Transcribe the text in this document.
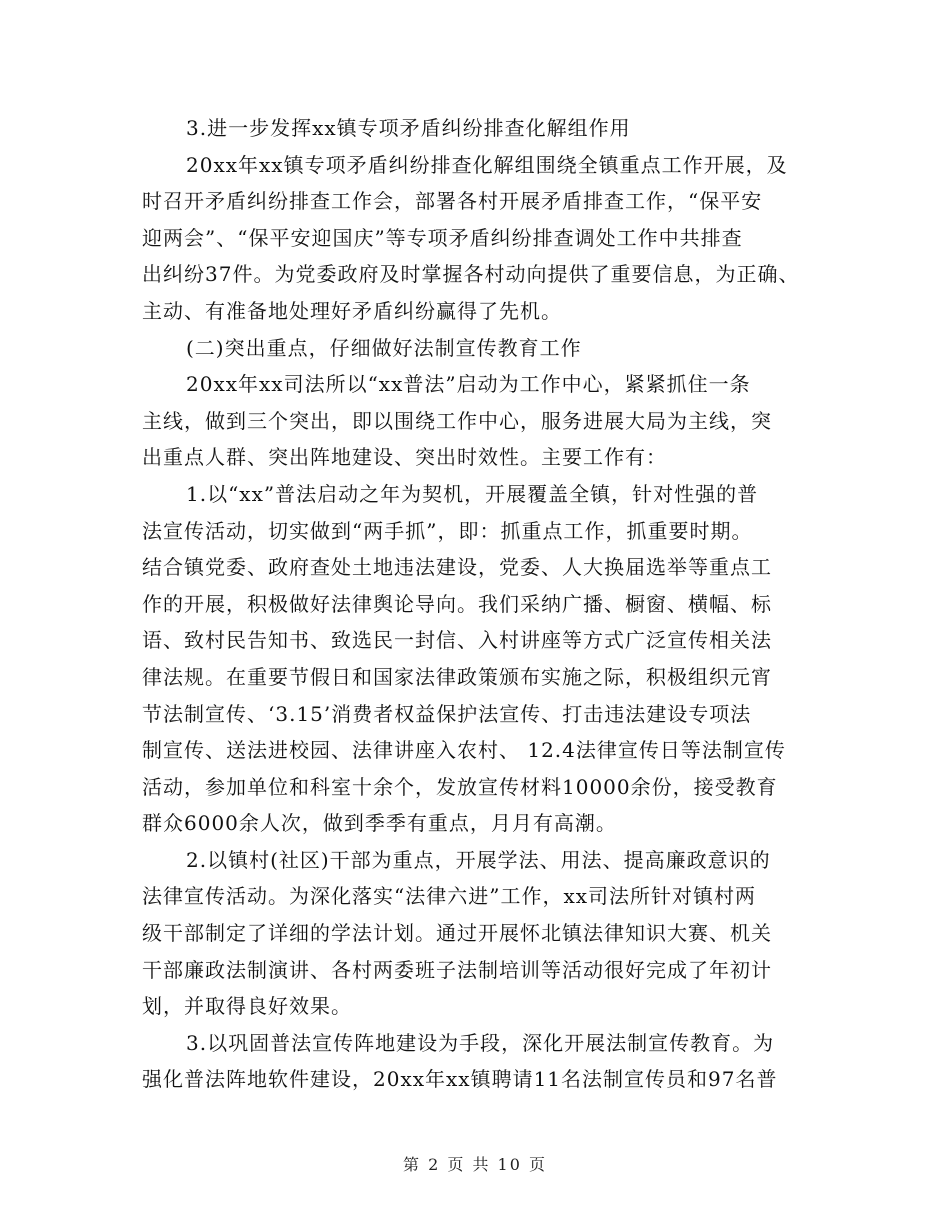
3.进一步发挥xx镇专项矛盾纠纷排查化解组作用
20xx年xx镇专项矛盾纠纷排查化解组围绕全镇重点工作开展，及
时召开矛盾纠纷排查工作会，部署各村开展矛盾排查工作，“保平安
迎两会”、“保平安迎国庆”等专项矛盾纠纷排查调处工作中共排查
出纠纷37件。为党委政府及时掌握各村动向提供了重要信息，为正确、
主动、有准备地处理好矛盾纠纷赢得了先机。
(二)突出重点，仔细做好法制宣传教育工作
20xx年xx司法所以“xx普法”启动为工作中心，紧紧抓住一条
主线，做到三个突出，即以围绕工作中心，服务进展大局为主线，突
出重点人群、突出阵地建设、突出时效性。主要工作有：
1.以“xx”普法启动之年为契机，开展覆盖全镇，针对性强的普
法宣传活动，切实做到“两手抓”，即：抓重点工作，抓重要时期。
结合镇党委、政府查处土地违法建设，党委、人大换届选举等重点工
作的开展，积极做好法律舆论导向。我们采纳广播、橱窗、横幅、标
语、致村民告知书、致选民一封信、入村讲座等方式广泛宣传相关法
律法规。在重要节假日和国家法律政策颁布实施之际，积极组织元宵
节法制宣传、‘3.15’消费者权益保护法宣传、打击违法建设专项法
制宣传、送法进校园、法律讲座入农村、 12.4法律宣传日等法制宣传
活动，参加单位和科室十余个，发放宣传材料10000余份，接受教育
群众6000余人次，做到季季有重点，月月有高潮。
2.以镇村(社区)干部为重点，开展学法、用法、提高廉政意识的
法律宣传活动。为深化落实“法律六进”工作，xx司法所针对镇村两
级干部制定了详细的学法计划。通过开展怀北镇法律知识大赛、机关
干部廉政法制演讲、各村两委班子法制培训等活动很好完成了年初计
划，并取得良好效果。
3.以巩固普法宣传阵地建设为手段，深化开展法制宣传教育。为
强化普法阵地软件建设，20xx年xx镇聘请11名法制宣传员和97名普
第 2 页 共 10 页
